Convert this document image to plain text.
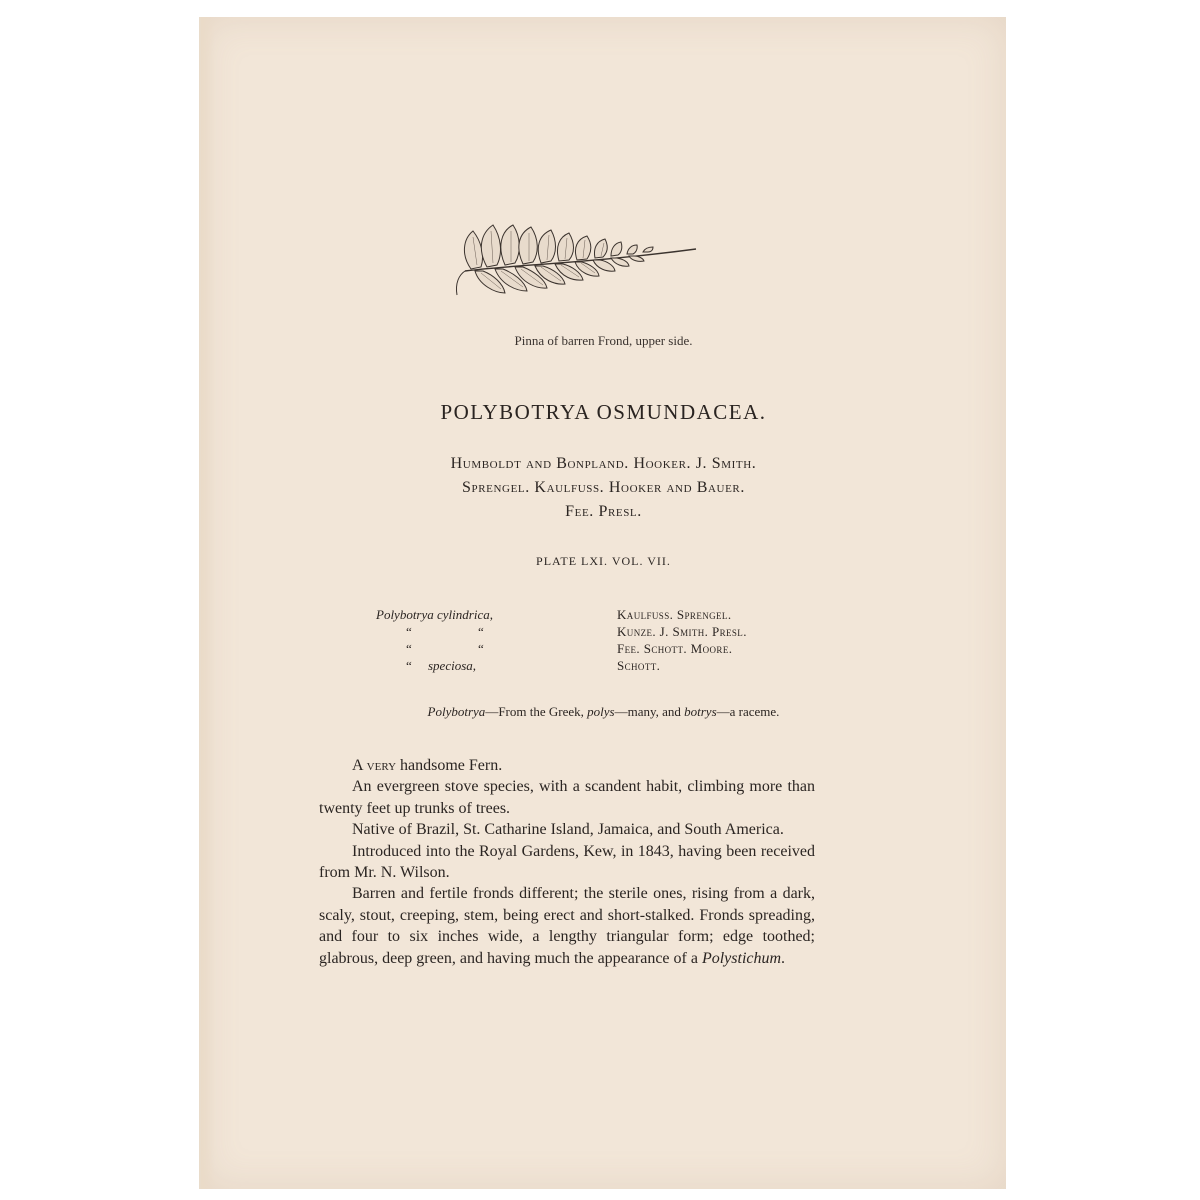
Pinna of barren Frond, upper side.
POLYBOTRYA OSMUNDACEA.
Humboldt and Bonpland. Hooker. J. Smith.
Sprengel. Kaulfuss. Hooker and Bauer.
Fee. Presl.
PLATE LXI. VOL. VII.
Polybotrya cylindrica,	Kaulfuss. Sprengel.
“	“	Kunze. J. Smith. Presl.
“	“	Fee. Schott. Moore.
“ speciosa,	Schott.
Polybotrya—From the Greek, polys—many, and botrys—a raceme.

A very handsome Fern.

An evergreen stove species, with a scandent habit, climbing more than twenty feet up trunks of trees.

Native of Brazil, St. Catharine Island, Jamaica, and South America.

Introduced into the Royal Gardens, Kew, in 1843, having been received from Mr. N. Wilson.

Barren and fertile fronds different; the sterile ones, rising from a dark, scaly, stout, creeping, stem, being erect and short-stalked. Fronds spreading, and four to six inches wide, a lengthy triangular form; edge toothed; glabrous, deep green, and having much the appearance of a Polystichum.
